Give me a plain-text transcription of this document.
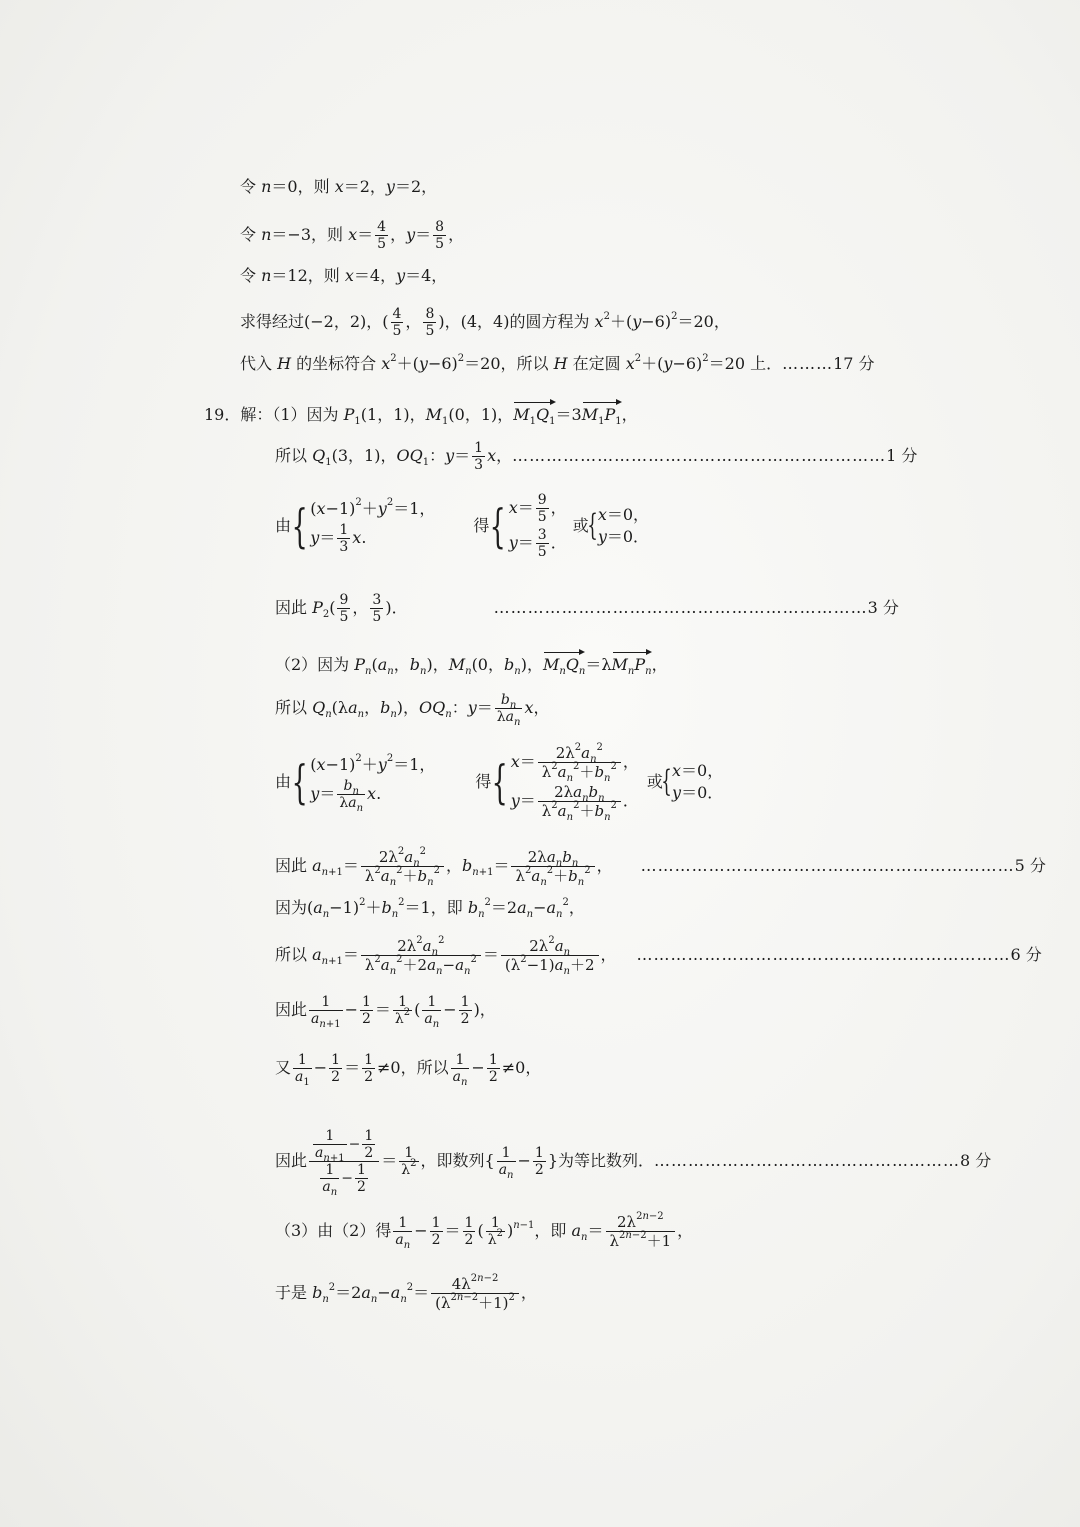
令 n＝0，则 x＝2，y＝2，
令 n＝−3，则 $x= \frac{4}{5}$ ，$y= \frac{8}{5}$ ，
令 n＝12，则 x＝4，y＝4，
求得经过(−2，2)，( $\frac{4}{5}$ ， $\frac{8}{5}$ )，(4，4)的圆方程为 $x^2+(y-6)^2=20$，
代入 H 的坐标符合 $x^2+(y-6)^2=20$，所以 H 在定圆 $x^2+(y-6)^2=20$ 上．………17 分
19．解：（1）因为 $P_1(1$，1)，$M_1(0$，1)，$M_1Q_1=3M_1P_1$，
所以 $Q_1(3$，1)，$OQ_1$：$y= \frac{1}{3}$ x，…………………………………………………………1 分
由 { $(x-1)^2+y^2=1$，
$y= \frac{1}{3} x$.
得 { $x= \frac{9}{5}$ ，
$y= \frac{3}{5}$ ．
或
{ x＝0，
y＝0．
因此 $P_2( \frac{9}{5}$ ， $\frac{3}{5}$ )．	…………………………………………………………3 分
（2）因为 $P_n(a_n$，$b_n$)，$M_n(0$，$b_n$)，$M_nQ_n=\lambda M_nP_n$，
所以 $Q_n(\lambda a_n$，$b_n$)，$OQ_n$：$y= b_n$
$\lambda a_n$
x，
由 { $(x-1)^2+y^2=1$，
$y= b_n$
$\lambda a_n$
x.
得 { $x= \frac{2\lambda^2a_n^2}{\lambda^2a_n^2+b_n^2}$ ，
y＝	$2\lambda a_nb_n$
$\lambda^2a_n^2+b_n^2$ ．
或
{ x＝0，
y＝0．
因此 $a_{n+1}= \frac{2\lambda^2a_n^2}{\lambda^2a_n^2+b_n^2}$ ，$b_{n+1}=$	$2\lambda a_nb_n$
$\lambda^2a_n^2+b_n^2$ ， …………………………………………………………5 分
因为$(a_n-1)^2+b_n^2=1$，即 $b_n^2=2a_n-a_n^2$，
所以 $a_{n+1}= \frac{2\lambda^2a_n^2}{\lambda^2a_n^2+2a_n-a_n^2} = \frac{2\lambda^2a_n}{(\lambda^2-1)a_n+2}$ ， …………………………………………………………6 分
因此 $\frac{1}{a_{n+1}} - \frac{1}{2} = \frac{1}{\lambda^2}$ ( $\frac{1}{a_n} - \frac{1}{2}$ )，
又 $\frac{1}{a_1} - \frac{1}{2} = \frac{1}{2} \ne 0$，所以 $\frac{1}{a_n} - \frac{1}{2} \ne 0$，
因此 $\frac{\frac{1}{a_{n+1}} - \frac{1}{2}}{\frac{1}{a_n} - \frac{1}{2}} = \frac{1}{\lambda^2}$ ，即数列{ $\frac{1}{a_n} - \frac{1}{2}$ }为等比数列．………………………………………………8 分
（3）由（2）得 $\frac{1}{a_n} - \frac{1}{2} = \frac{1}{2}$ ( $\frac{1}{\lambda^2} )^{n-1}$，即 $a_n= \frac{2\lambda^{2n-2}}{\lambda^{2n-2}+1}$ ，
于是 $b_n^2=2a_n-a_n^2= \frac{4\lambda^{2n-2}}{(\lambda^{2n-2}+1)^2}$ ，
